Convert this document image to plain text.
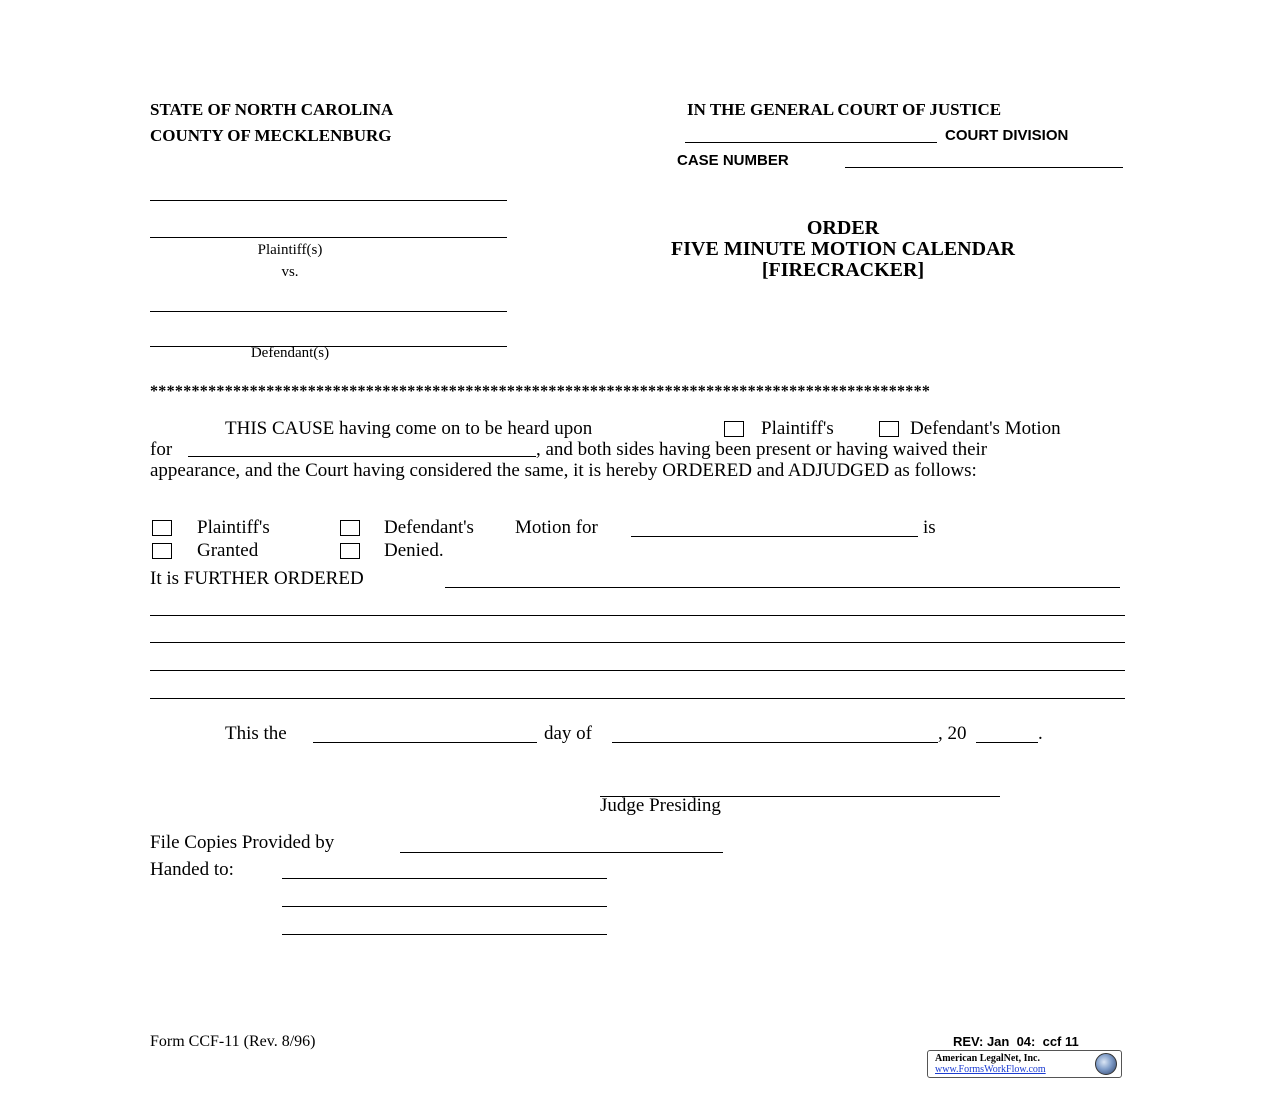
STATE OF NORTH CAROLINA
COUNTY OF MECKLENBURG
IN THE GENERAL COURT OF JUSTICE
COURT DIVISION
CASE NUMBER
Plaintiff(s)
vs.
Defendant(s)
ORDER
FIVE MINUTE MOTION CALENDAR
[FIRECRACKER]
**********************************************************************************************
THIS CAUSE having come on to be heard upon	Plaintiff's	Defendant's Motion
for	, and both sides having been present or having waived their appearance, and the Court having considered the same, it is hereby ORDERED and ADJUDGED as follows:
Plaintiff's	Defendant's Motion for	is
Granted	Denied.
It is FURTHER ORDERED
This the	day of	, 20	.
Judge Presiding
File Copies Provided by
Handed to:
Form CCF-11 (Rev. 8/96)	REV: Jan  04:  ccf 11
American LegalNet, Inc.
www.FormsWorkFlow.com
